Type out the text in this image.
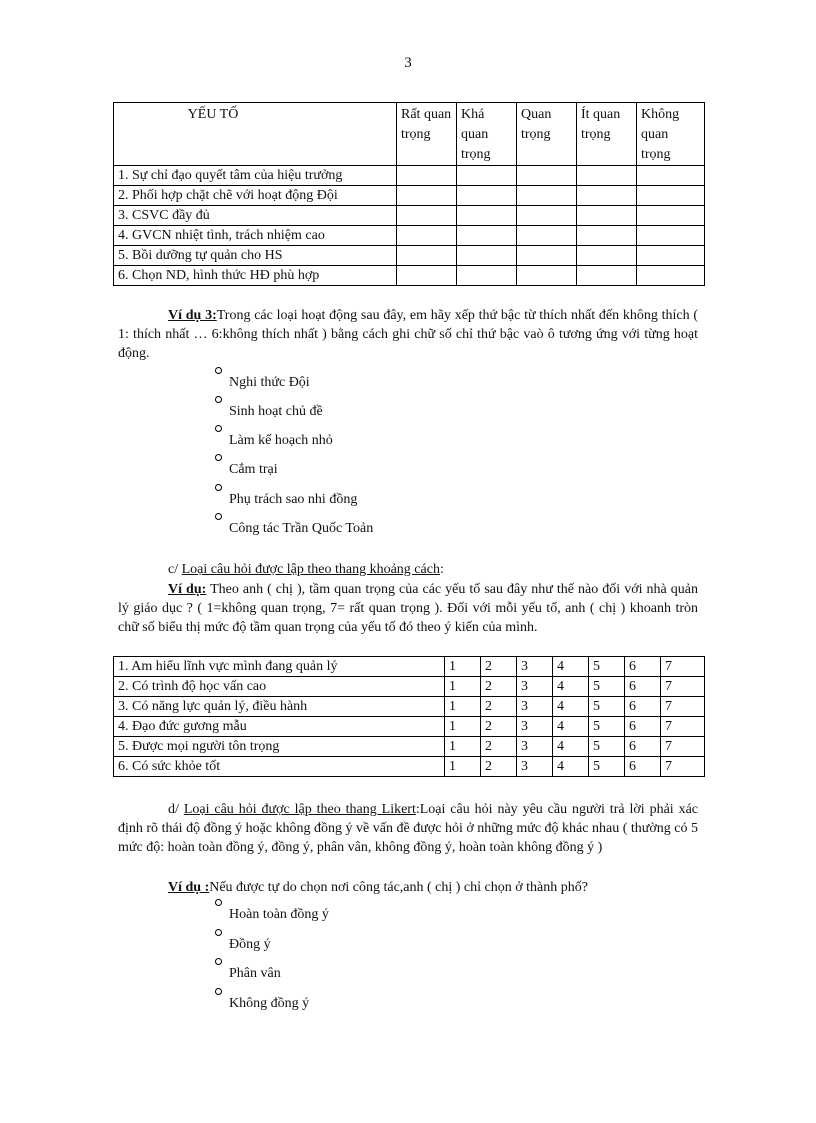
3
YẾU TỐ	Rất quan trọng	Khá quan trọng	Quan trọng	Ít quan trọng	Không quan trọng
1. Sự chỉ đạo quyết tâm của hiệu trưởng					
2. Phối hợp chặt chẽ với hoạt động Đội					
3. CSVC đầy đủ					
4. GVCN nhiệt tình, trách nhiệm cao					
5. Bồi dưỡng tự quản cho HS					
6. Chọn ND, hình thức HĐ phù hợp					
Ví dụ 3:Trong các loại hoạt động sau đây, em hãy xếp thứ bậc từ thích nhất đến không thích ( 1: thích nhất … 6:không thích nhất ) bằng cách ghi chữ số chỉ thứ bậc vaò ô tương ứng với từng hoạt động.
Nghi thức Đội
Sinh hoạt chủ đề
Làm kế hoạch nhỏ
Cắm trại
Phụ trách sao nhi đồng
Công tác Trần Quốc Toản
c/ Loại câu hỏi được lập theo thang khoảng cách:
Ví dụ: Theo anh ( chị ), tầm quan trọng của các yếu tố sau đây như thế nào đối với nhà quản lý giáo dục ? ( 1=không quan trọng, 7= rất quan trọng ). Đối với mỗi yếu tố, anh ( chị ) khoanh tròn chữ số biểu thị mức độ tầm quan trọng của yếu tố đó theo ý kiến của mình.
1. Am hiểu lĩnh vực mình đang quản lý	1	2	3	4	5	6	7
2. Có trình độ học vấn cao	1	2	3	4	5	6	7
3. Có năng lực quản lý, điều hành	1	2	3	4	5	6	7
4. Đạo đức gương mẫu	1	2	3	4	5	6	7
5. Được mọi người tôn trọng	1	2	3	4	5	6	7
6. Có sức khỏe tốt	1	2	3	4	5	6	7
d/ Loại câu hỏi được lập theo thang Likert:Loại câu hỏi này yêu cầu người trả lời phải xác định rõ thái độ đồng ý hoặc không đồng ý về vấn đề được hỏi ở những mức độ khác nhau ( thường có 5 mức độ: hoàn toàn đồng ý, đồng ý, phân vân, không đồng ý, hoàn toàn không đồng ý )
Ví dụ :Nếu được tự do chọn nơi công tác,anh ( chị ) chỉ chọn ở thành phố?
Hoàn toàn đồng ý
Đồng ý
Phân vân
Không đồng ý
